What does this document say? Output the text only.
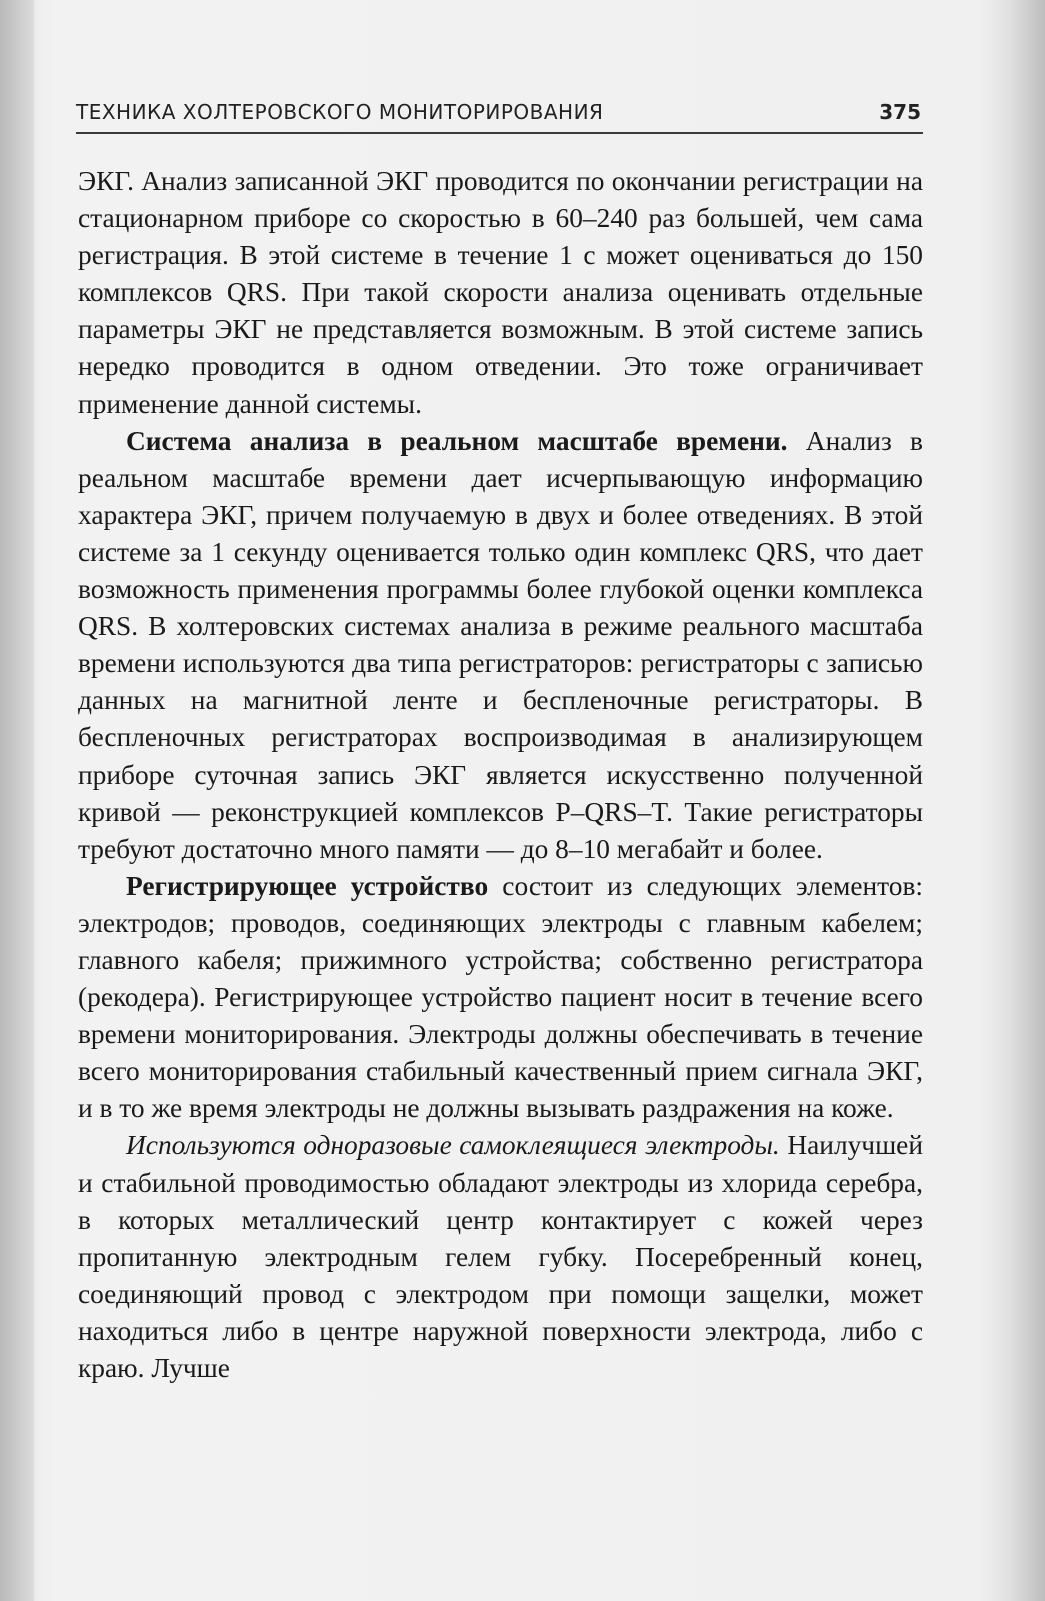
ТЕХНИКА ХОЛТЕРОВСКОГО МОНИТОРИРОВАНИЯ	375

ЭКГ. Анализ записанной ЭКГ проводится по окончании регистрации на стационарном приборе со скоростью в 60–240 раз большей, чем сама регистрация. В этой системе в течение 1 с может оцениваться до 150 комплексов QRS. При такой скорости анализа оценивать отдельные параметры ЭКГ не представляется возможным. В этой системе запись нередко проводится в одном отведении. Это тоже ограничивает применение данной системы.

Система анализа в реальном масштабе времени. Анализ в реальном масштабе времени дает исчерпывающую информацию характера ЭКГ, причем получаемую в двух и более отведениях. В этой системе за 1 секунду оценивается только один комплекс QRS, что дает возможность применения программы более глубокой оценки комплекса QRS. В холтеровских системах анализа в режиме реального масштаба времени используются два типа регистраторов: регистраторы с записью данных на магнитной ленте и беспленочные регистраторы. В беспленочных регистраторах воспроизводимая в анализирующем приборе суточная запись ЭКГ является искусственно полученной кривой — реконструкцией комплексов P–QRS–T. Такие регистраторы требуют достаточно много памяти — до 8–10 мегабайт и более.

Регистрирующее устройство состоит из следующих элементов: электродов; проводов, соединяющих электроды с главным кабелем; главного кабеля; прижимного устройства; собственно регистратора (рекодера). Регистрирующее устройство пациент носит в течение всего времени мониторирования. Электроды должны обеспечивать в течение всего мониторирования стабильный качественный прием сигнала ЭКГ, и в то же время электроды не должны вызывать раздражения на коже.

Используются одноразовые самоклеящиеся электроды. Наилучшей и стабильной проводимостью обладают электроды из хлорида серебра, в которых металлический центр контактирует с кожей через пропитанную электродным гелем губку. Посеребренный конец, соединяющий провод с электродом при помощи защелки, может находиться либо в центре наружной поверхности электрода, либо с краю. Лучше
